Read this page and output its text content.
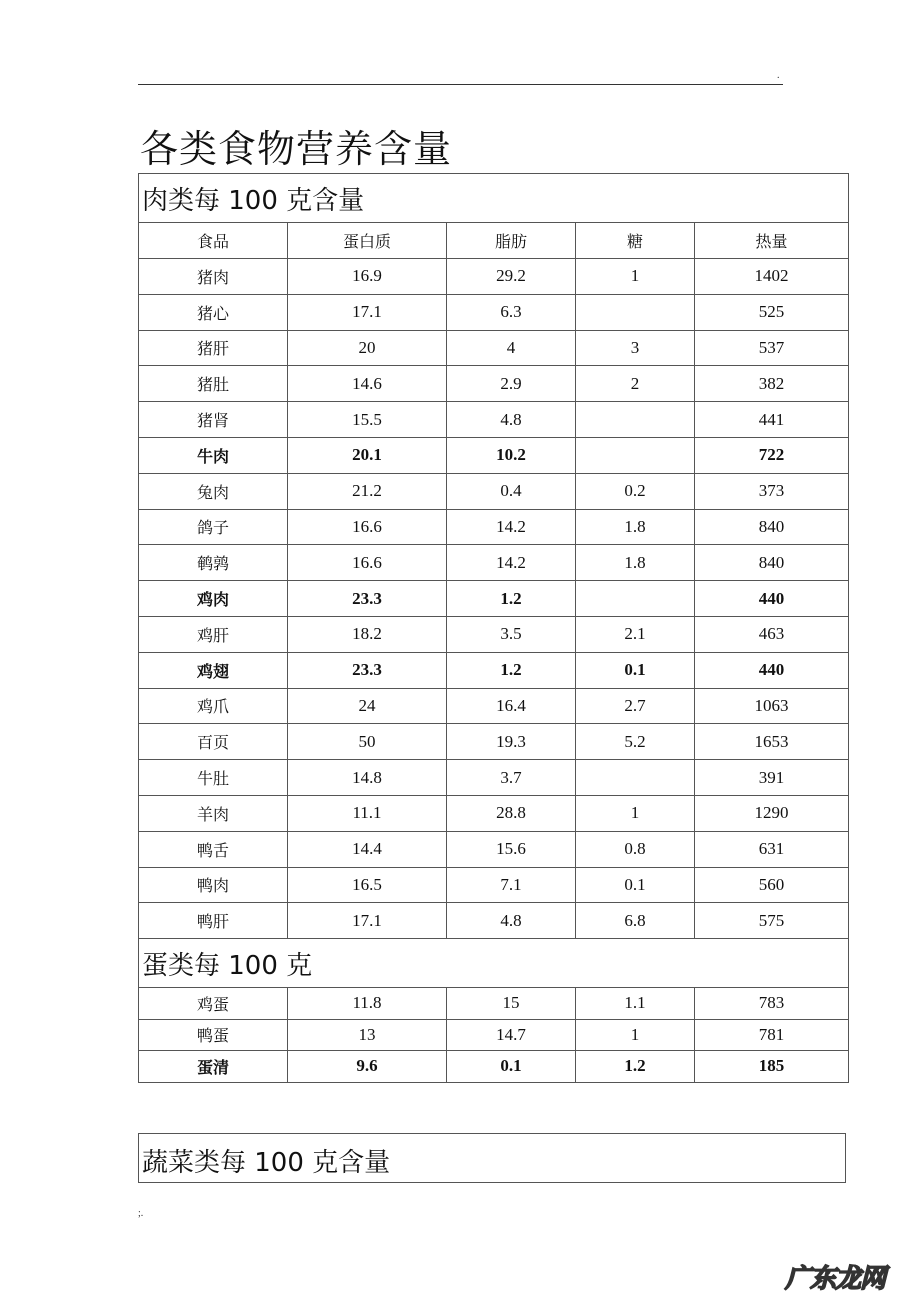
.
各类食物营养含量
肉类每 100 克含量				
食品	蛋白质	脂肪	糖	热量
猪肉	16.9	29.2	1	1402
猪心	17.1	6.3		525
猪肝	20	4	3	537
猪肚	14.6	2.9	2	382
猪肾	15.5	4.8		441
牛肉	20.1	10.2		722
兔肉	21.2	0.4	0.2	373
鸽子	16.6	14.2	1.8	840
鹌鹑	16.6	14.2	1.8	840
鸡肉	23.3	1.2		440
鸡肝	18.2	3.5	2.1	463
鸡翅	23.3	1.2	0.1	440
鸡爪	24	16.4	2.7	1063
百页	50	19.3	5.2	1653
牛肚	14.8	3.7		391
羊肉	11.1	28.8	1	1290
鸭舌	14.4	15.6	0.8	631
鸭肉	16.5	7.1	0.1	560
鸭肝	17.1	4.8	6.8	575
蛋类每 100 克				
鸡蛋	11.8	15	1.1	783
鸭蛋	13	14.7	1	781
蛋清	9.6	0.1	1.2	185
蔬菜类每 100 克含量
;.
广东龙网
